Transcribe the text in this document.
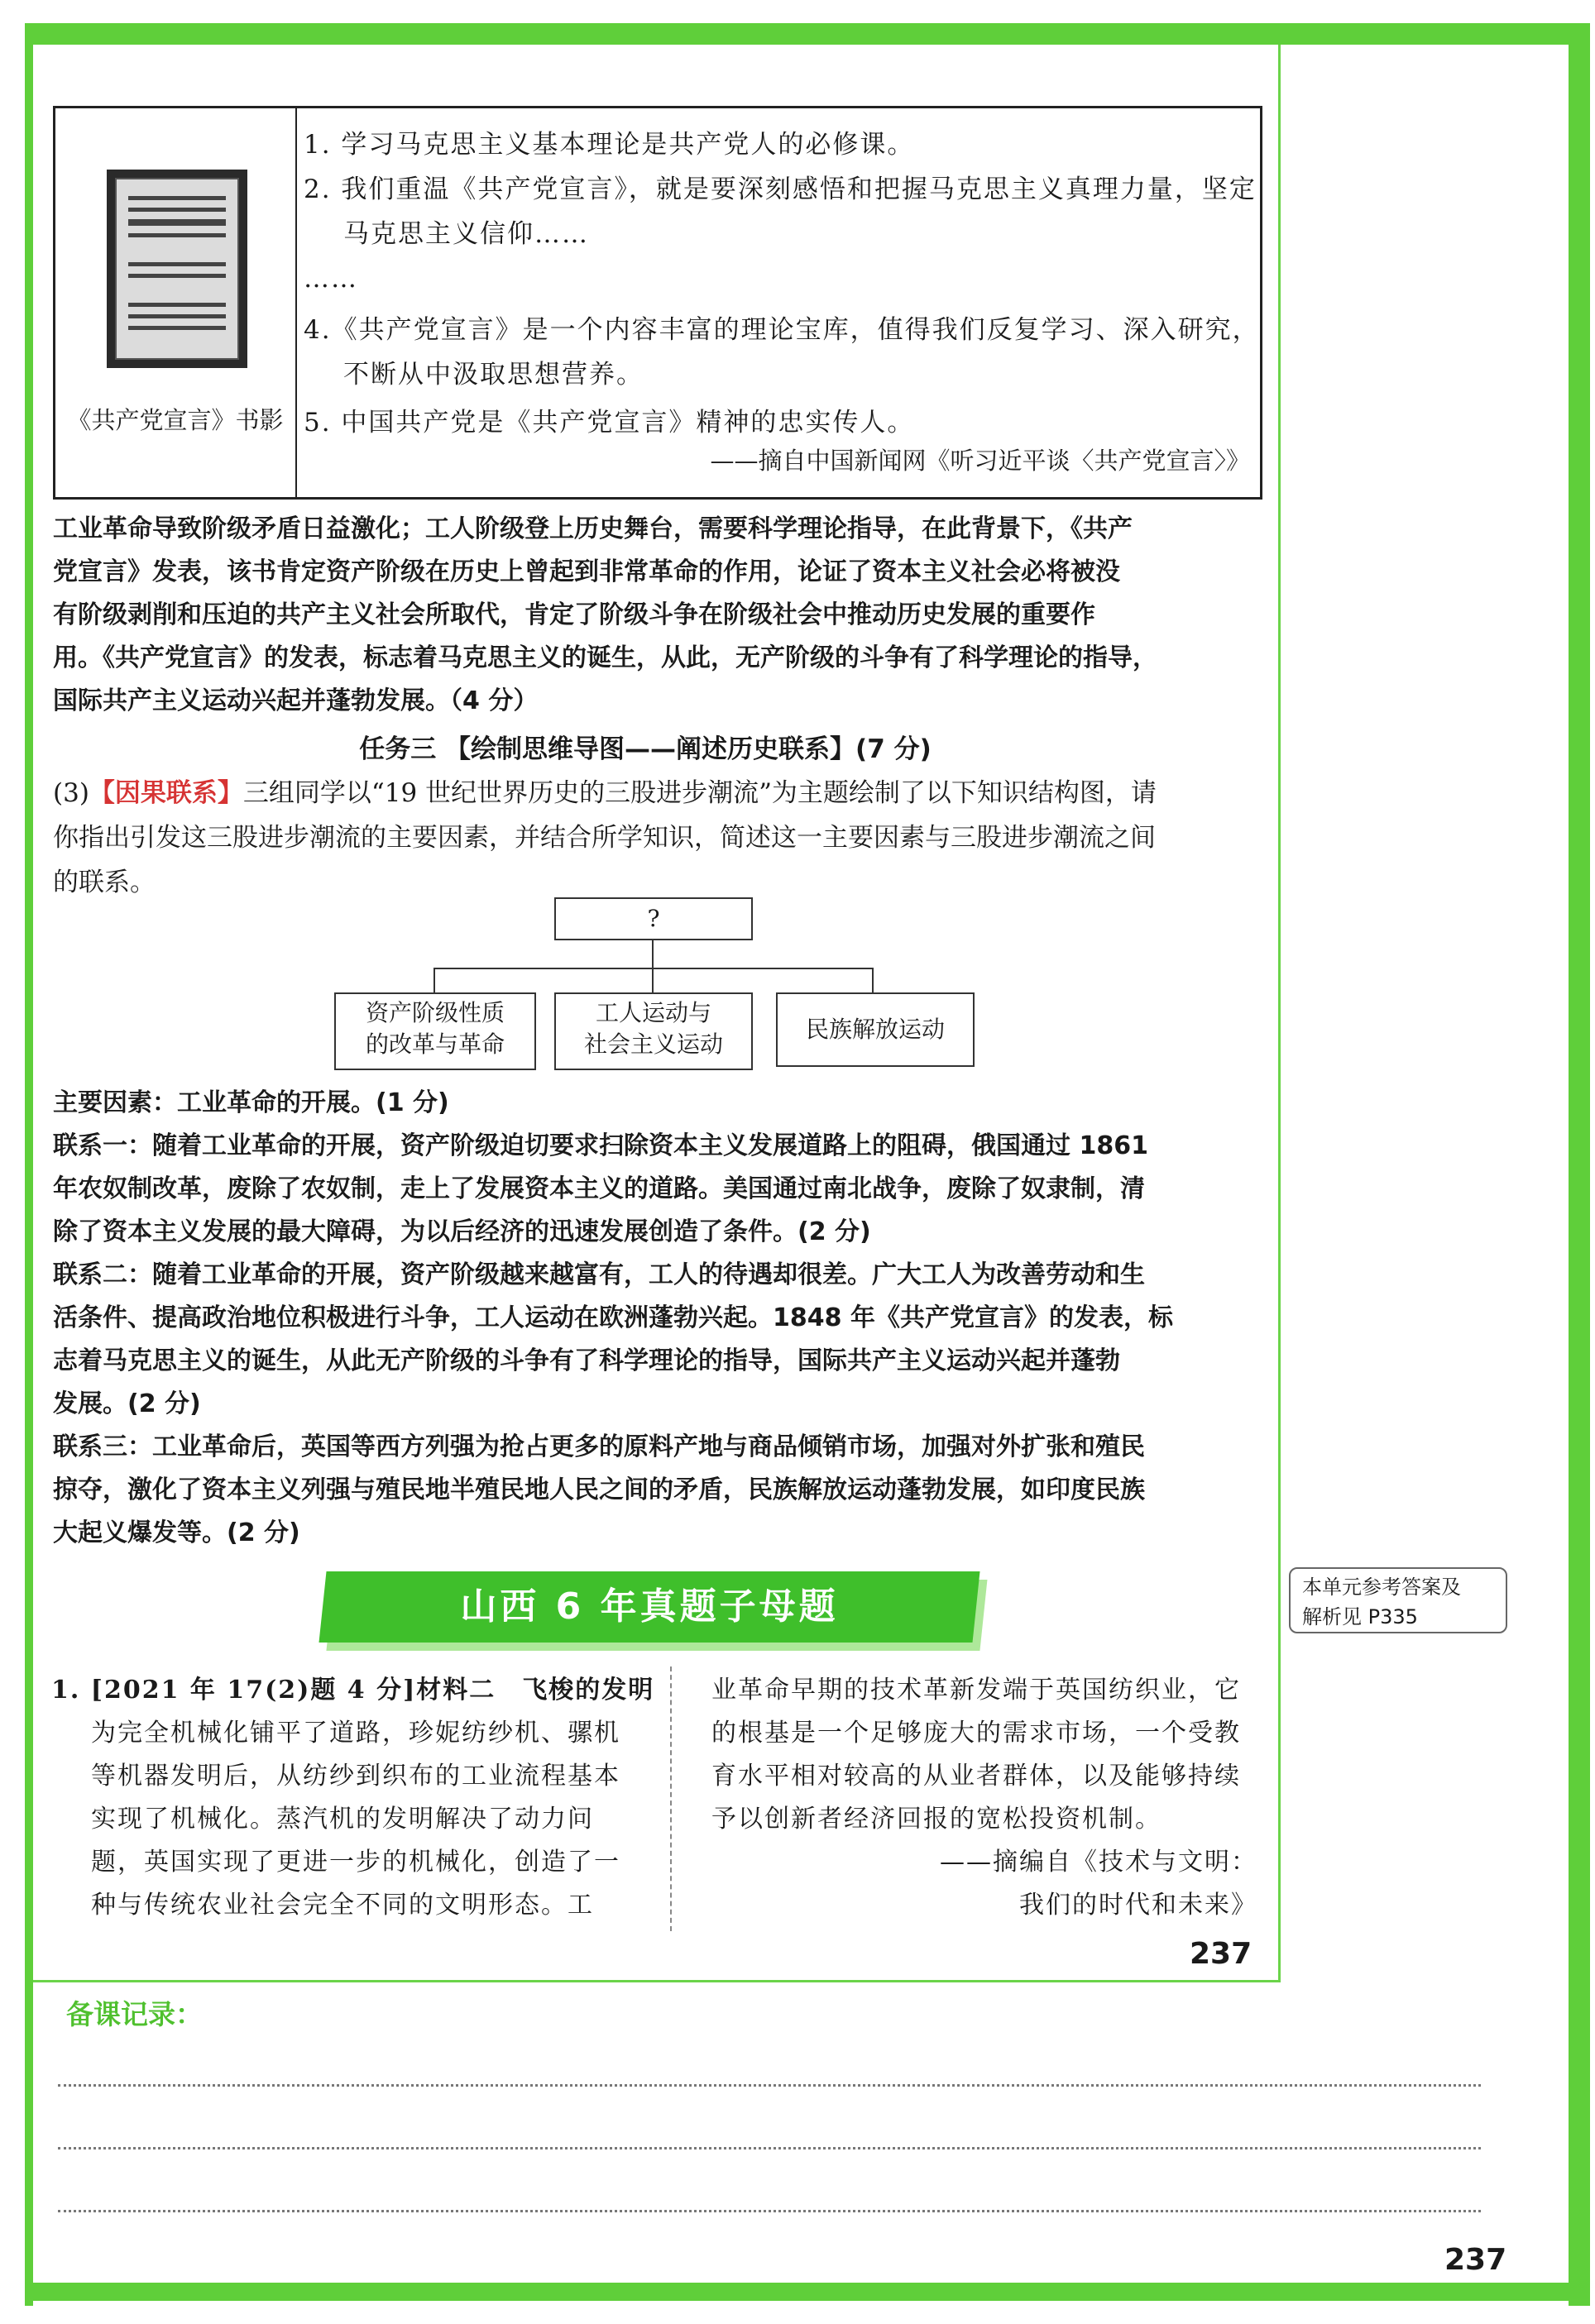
《共产党宣言》书影
1. 学习马克思主义基本理论是共产党人的必修课。
2. 我们重温《共产党宣言》，就是要深刻感悟和把握马克思主义真理力量，坚定
马克思主义信仰……
……
4.《共产党宣言》是一个内容丰富的理论宝库，值得我们反复学习、深入研究，
不断从中汲取思想营养。
5. 中国共产党是《共产党宣言》精神的忠实传人。
——摘自中国新闻网《听习近平谈〈共产党宣言〉》
工业革命导致阶级矛盾日益激化；工人阶级登上历史舞台，需要科学理论指导，在此背景下，《共产
党宣言》发表，该书肯定资产阶级在历史上曾起到非常革命的作用，论证了资本主义社会必将被没
有阶级剥削和压迫的共产主义社会所取代，肯定了阶级斗争在阶级社会中推动历史发展的重要作
用。《共产党宣言》的发表，标志着马克思主义的诞生，从此，无产阶级的斗争有了科学理论的指导，
国际共产主义运动兴起并蓬勃发展。（4 分）
任务三 【绘制思维导图——阐述历史联系】(7 分)
(3)【因果联系】三组同学以“19 世纪世界历史的三股进步潮流”为主题绘制了以下知识结构图，请
你指出引发这三股进步潮流的主要因素，并结合所学知识，简述这一主要因素与三股进步潮流之间
的联系。
?
资产阶级性质
的改革与革命
工人运动与
社会主义运动
民族解放运动
主要因素：工业革命的开展。(1 分)
联系一：随着工业革命的开展，资产阶级迫切要求扫除资本主义发展道路上的阻碍，俄国通过 1861
年农奴制改革，废除了农奴制，走上了发展资本主义的道路。美国通过南北战争，废除了奴隶制，清
除了资本主义发展的最大障碍，为以后经济的迅速发展创造了条件。(2 分)
联系二：随着工业革命的开展，资产阶级越来越富有，工人的待遇却很差。广大工人为改善劳动和生
活条件、提高政治地位积极进行斗争，工人运动在欧洲蓬勃兴起。1848 年《共产党宣言》的发表，标
志着马克思主义的诞生，从此无产阶级的斗争有了科学理论的指导，国际共产主义运动兴起并蓬勃
发展。(2 分)
联系三：工业革命后，英国等西方列强为抢占更多的原料产地与商品倾销市场，加强对外扩张和殖民
掠夺，激化了资本主义列强与殖民地半殖民地人民之间的矛盾，民族解放运动蓬勃发展，如印度民族
大起义爆发等。(2 分)
山西 6 年真题子母题	本单元参考答案及
解析见 P335
1. [2021 年 17(2)题 4 分]材料二　飞梭的发明
为完全机械化铺平了道路，珍妮纺纱机、骡机
等机器发明后，从纺纱到织布的工业流程基本
实现了机械化。蒸汽机的发明解决了动力问
题，英国实现了更进一步的机械化，创造了一
种与传统农业社会完全不同的文明形态。工
业革命早期的技术革新发端于英国纺织业，它
的根基是一个足够庞大的需求市场，一个受教
育水平相对较高的从业者群体，以及能够持续
予以创新者经济回报的宽松投资机制。
——摘编自《技术与文明：
我们的时代和未来》
237
备课记录：
237
